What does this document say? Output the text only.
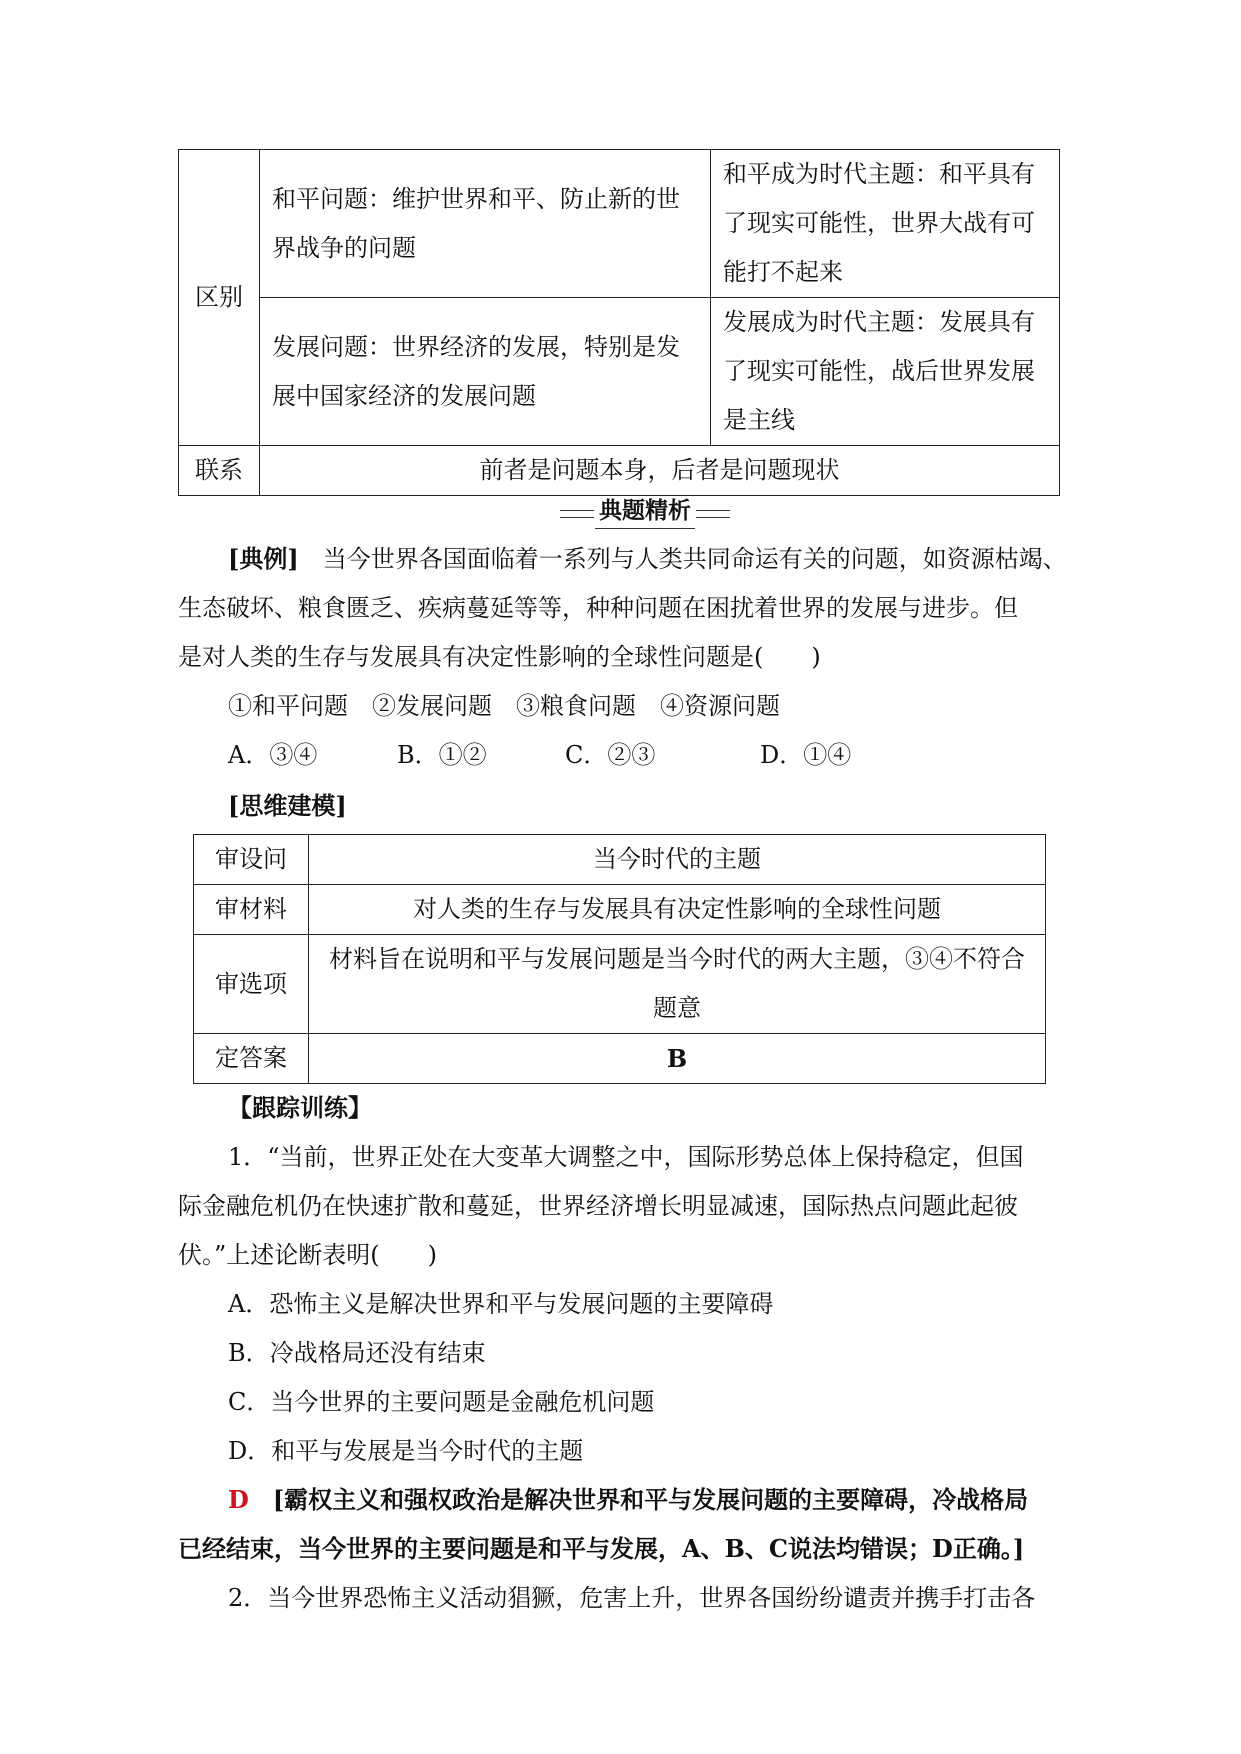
区别	和平问题：维护世界和平、防止新的世界战争的问题	和平成为时代主题：和平具有了现实可能性，世界大战有可能打不起来
	发展问题：世界经济的发展，特别是发展中国家经济的发展问题	发展成为时代主题：发展具有了现实可能性，战后世界发展是主线
联系	前者是问题本身，后者是问题现状	
典题精析
[典例]　 当今世界各国面临着一系列与人类共同命运有关的问题，如资源枯竭、
生态破坏、粮食匮乏、疾病蔓延等等，种种问题在困扰着世界的发展与进步。但
是对人类的生存与发展具有决定性影响的全球性问题是(　　)
①和平问题　②发展问题　③粮食问题　④资源问题
A．③④	B．①②	C．②③	D．①④
[思维建模]
审设问	当今时代的主题
审材料	对人类的生存与发展具有决定性影响的全球性问题
审选项	材料旨在说明和平与发展问题是当今时代的两大主题，③④不符合
题意
定答案	B
【跟踪训练】
1．“当前，世界正处在大变革大调整之中，国际形势总体上保持稳定，但国
际金融危机仍在快速扩散和蔓延，世界经济增长明显减速，国际热点问题此起彼
伏。”上述论断表明(　　)
A．恐怖主义是解决世界和平与发展问题的主要障碍
B．冷战格局还没有结束
C．当今世界的主要问题是金融危机问题
D．和平与发展是当今时代的主题
D　 [霸权主义和强权政治是解决世界和平与发展问题的主要障碍，冷战格局
已经结束，当今世界的主要问题是和平与发展，A、B、C说法均错误；D正确。]
2．当今世界恐怖主义活动猖獗，危害上升，世界各国纷纷谴责并携手打击各
